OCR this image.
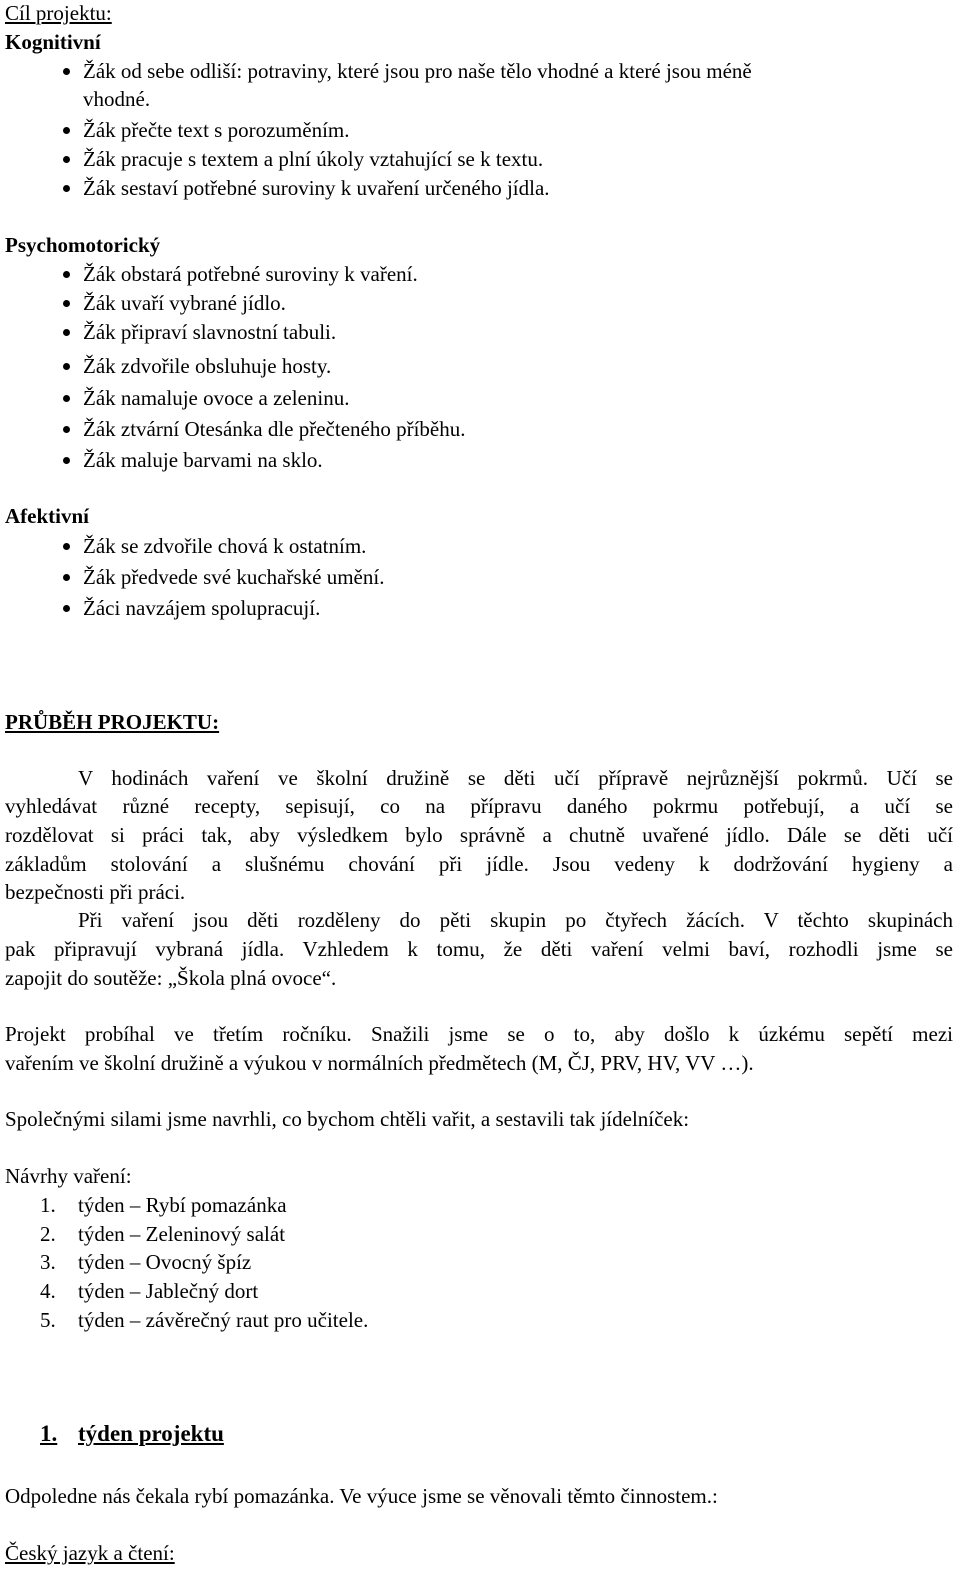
Cíl projektu:
Kognitivní
Žák od sebe odliší: potraviny, které jsou pro naše tělo vhodné a které jsou méně
vhodné.
Žák přečte text s porozuměním.
Žák pracuje s textem a plní úkoly vztahující se k textu.
Žák sestaví potřebné suroviny k uvaření určeného jídla.
Psychomotorický
Žák obstará potřebné suroviny k vaření.
Žák uvaří vybrané jídlo.
Žák připraví slavnostní tabuli.
Žák zdvořile obsluhuje hosty.
Žák namaluje ovoce a zeleninu.
Žák ztvární Otesánka dle přečteného příběhu.
Žák maluje barvami na sklo.
Afektivní
Žák se zdvořile chová k ostatním.
Žák předvede své kuchařské umění.
Žáci navzájem spolupracují.
PRŮBĚH PROJEKTU:
V hodinách vaření ve školní družině se děti učí přípravě nejrůznější pokrmů. Učí se
vyhledávat různé recepty, sepisují, co na přípravu daného pokrmu potřebují, a učí se
rozdělovat si práci tak, aby výsledkem bylo správně a chutně uvařené jídlo. Dále se děti učí
základům stolování a slušnému chování při jídle. Jsou vedeny k dodržování hygieny a
bezpečnosti při práci.
Při vaření jsou děti rozděleny do pěti skupin po čtyřech žácích. V těchto skupinách
pak připravují vybraná jídla. Vzhledem k tomu, že děti vaření velmi baví, rozhodli jsme se
zapojit do soutěže: „Škola plná ovoce“.
Projekt probíhal ve třetím ročníku. Snažili jsme se o to, aby došlo k úzkému sepětí mezi
vařením ve školní družině a výukou v normálních předmětech (M, ČJ, PRV, HV, VV …).
Společnými silami jsme navrhli, co bychom chtěli vařit, a sestavili tak jídelníček:
Návrhy vaření:
1. týden – Rybí pomazánka
2. týden – Zeleninový salát
3. týden – Ovocný špíz
4. týden – Jablečný dort
5. týden – závěrečný raut pro učitele.
1. týden projektu
Odpoledne nás čekala rybí pomazánka. Ve výuce jsme se věnovali těmto činnostem.:
Český jazyk a čtení:
